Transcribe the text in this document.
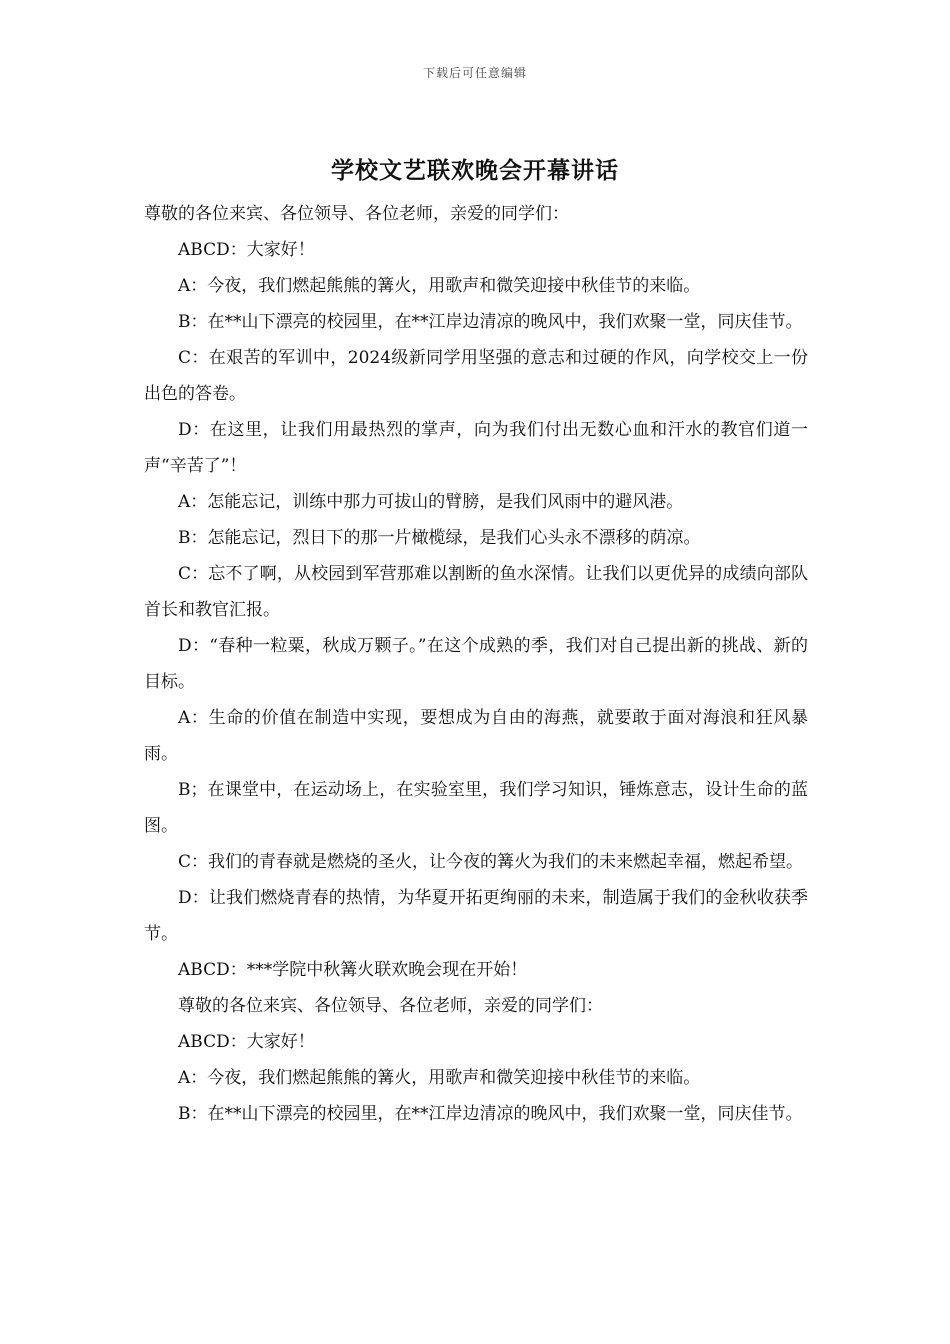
下载后可任意编辑
学校文艺联欢晚会开幕讲话

尊敬的各位来宾、各位领导、各位老师，亲爱的同学们：

ABCD：大家好！

A：今夜，我们燃起熊熊的篝火，用歌声和微笑迎接中秋佳节的来临。

B：在**山下漂亮的校园里，在**江岸边清凉的晚风中，我们欢聚一堂，同庆佳节。

C：在艰苦的军训中，2024级新同学用坚强的意志和过硬的作风，向学校交上一份出色的答卷。

D：在这里，让我们用最热烈的掌声，向为我们付出无数心血和汗水的教官们道一声“辛苦了”！

A：怎能忘记，训练中那力可拔山的臂膀，是我们风雨中的避风港。

B：怎能忘记，烈日下的那一片橄榄绿，是我们心头永不漂移的荫凉。

C：忘不了啊，从校园到军营那难以割断的鱼水深情。让我们以更优异的成绩向部队首长和教官汇报。

D：“春种一粒粟，秋成万颗子。”在这个成熟的季，我们对自己提出新的挑战、新的目标。

A：生命的价值在制造中实现，要想成为自由的海燕，就要敢于面对海浪和狂风暴雨。

B；在课堂中，在运动场上，在实验室里，我们学习知识，锤炼意志，设计生命的蓝图。

C：我们的青春就是燃烧的圣火，让今夜的篝火为我们的未来燃起幸福，燃起希望。

D：让我们燃烧青春的热情，为华夏开拓更绚丽的未来，制造属于我们的金秋收获季节。

ABCD：***学院中秋篝火联欢晚会现在开始！

尊敬的各位来宾、各位领导、各位老师，亲爱的同学们：

ABCD：大家好！

A：今夜，我们燃起熊熊的篝火，用歌声和微笑迎接中秋佳节的来临。

B：在**山下漂亮的校园里，在**江岸边清凉的晚风中，我们欢聚一堂，同庆佳节。
